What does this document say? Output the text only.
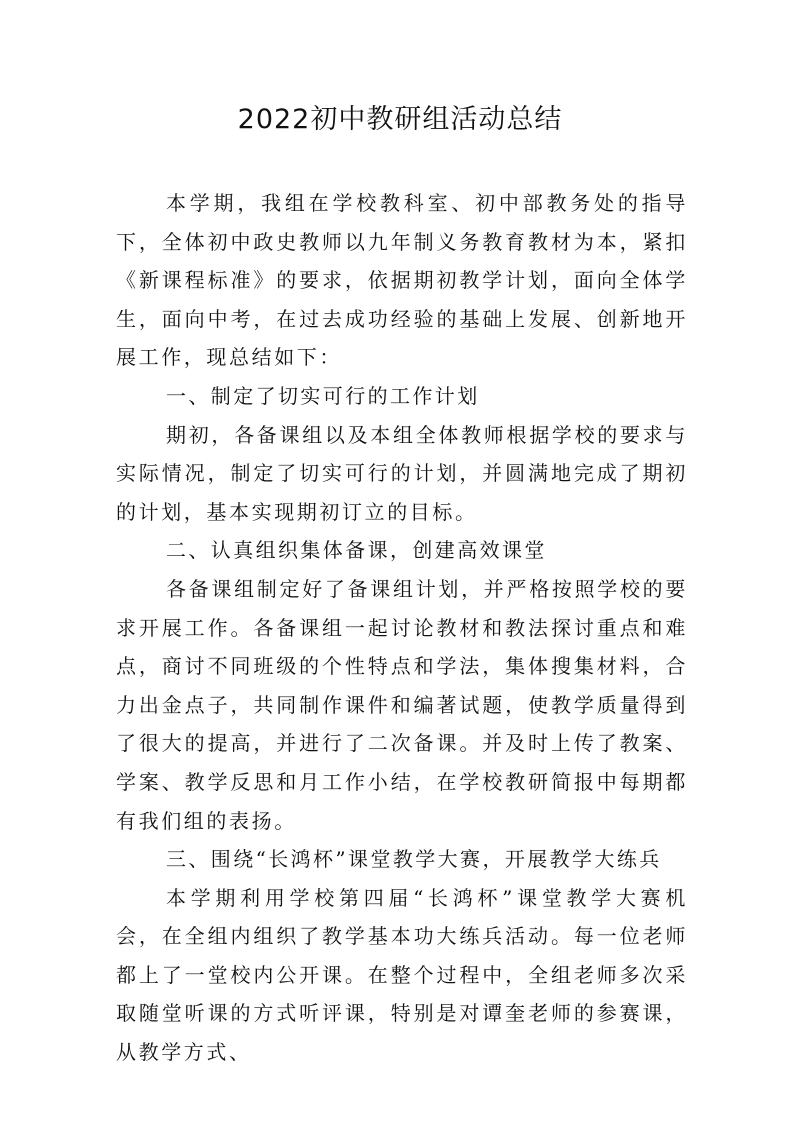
2022初中教研组活动总结

本学期，我组在学校教科室、初中部教务处的指导下，全体初中政史教师以九年制义务教育教材为本，紧扣《新课程标准》的要求，依据期初教学计划，面向全体学生，面向中考，在过去成功经验的基础上发展、创新地开展工作，现总结如下：

一、制定了切实可行的工作计划

期初，各备课组以及本组全体教师根据学校的要求与实际情况，制定了切实可行的计划，并圆满地完成了期初的计划，基本实现期初订立的目标。

二、认真组织集体备课，创建高效课堂

各备课组制定好了备课组计划，并严格按照学校的要求开展工作。各备课组一起讨论教材和教法探讨重点和难点，商讨不同班级的个性特点和学法，集体搜集材料，合力出金点子，共同制作课件和编著试题，使教学质量得到了很大的提高，并进行了二次备课。并及时上传了教案、学案、教学反思和月工作小结，在学校教研简报中每期都有我们组的表扬。

三、围绕“长鸿杯”课堂教学大赛，开展教学大练兵

本学期利用学校第四届“长鸿杯”课堂教学大赛机会，在全组内组织了教学基本功大练兵活动。每一位老师都上了一堂校内公开课。在整个过程中，全组老师多次采取随堂听课的方式听评课，特别是对谭奎老师的参赛课，从教学方式、
